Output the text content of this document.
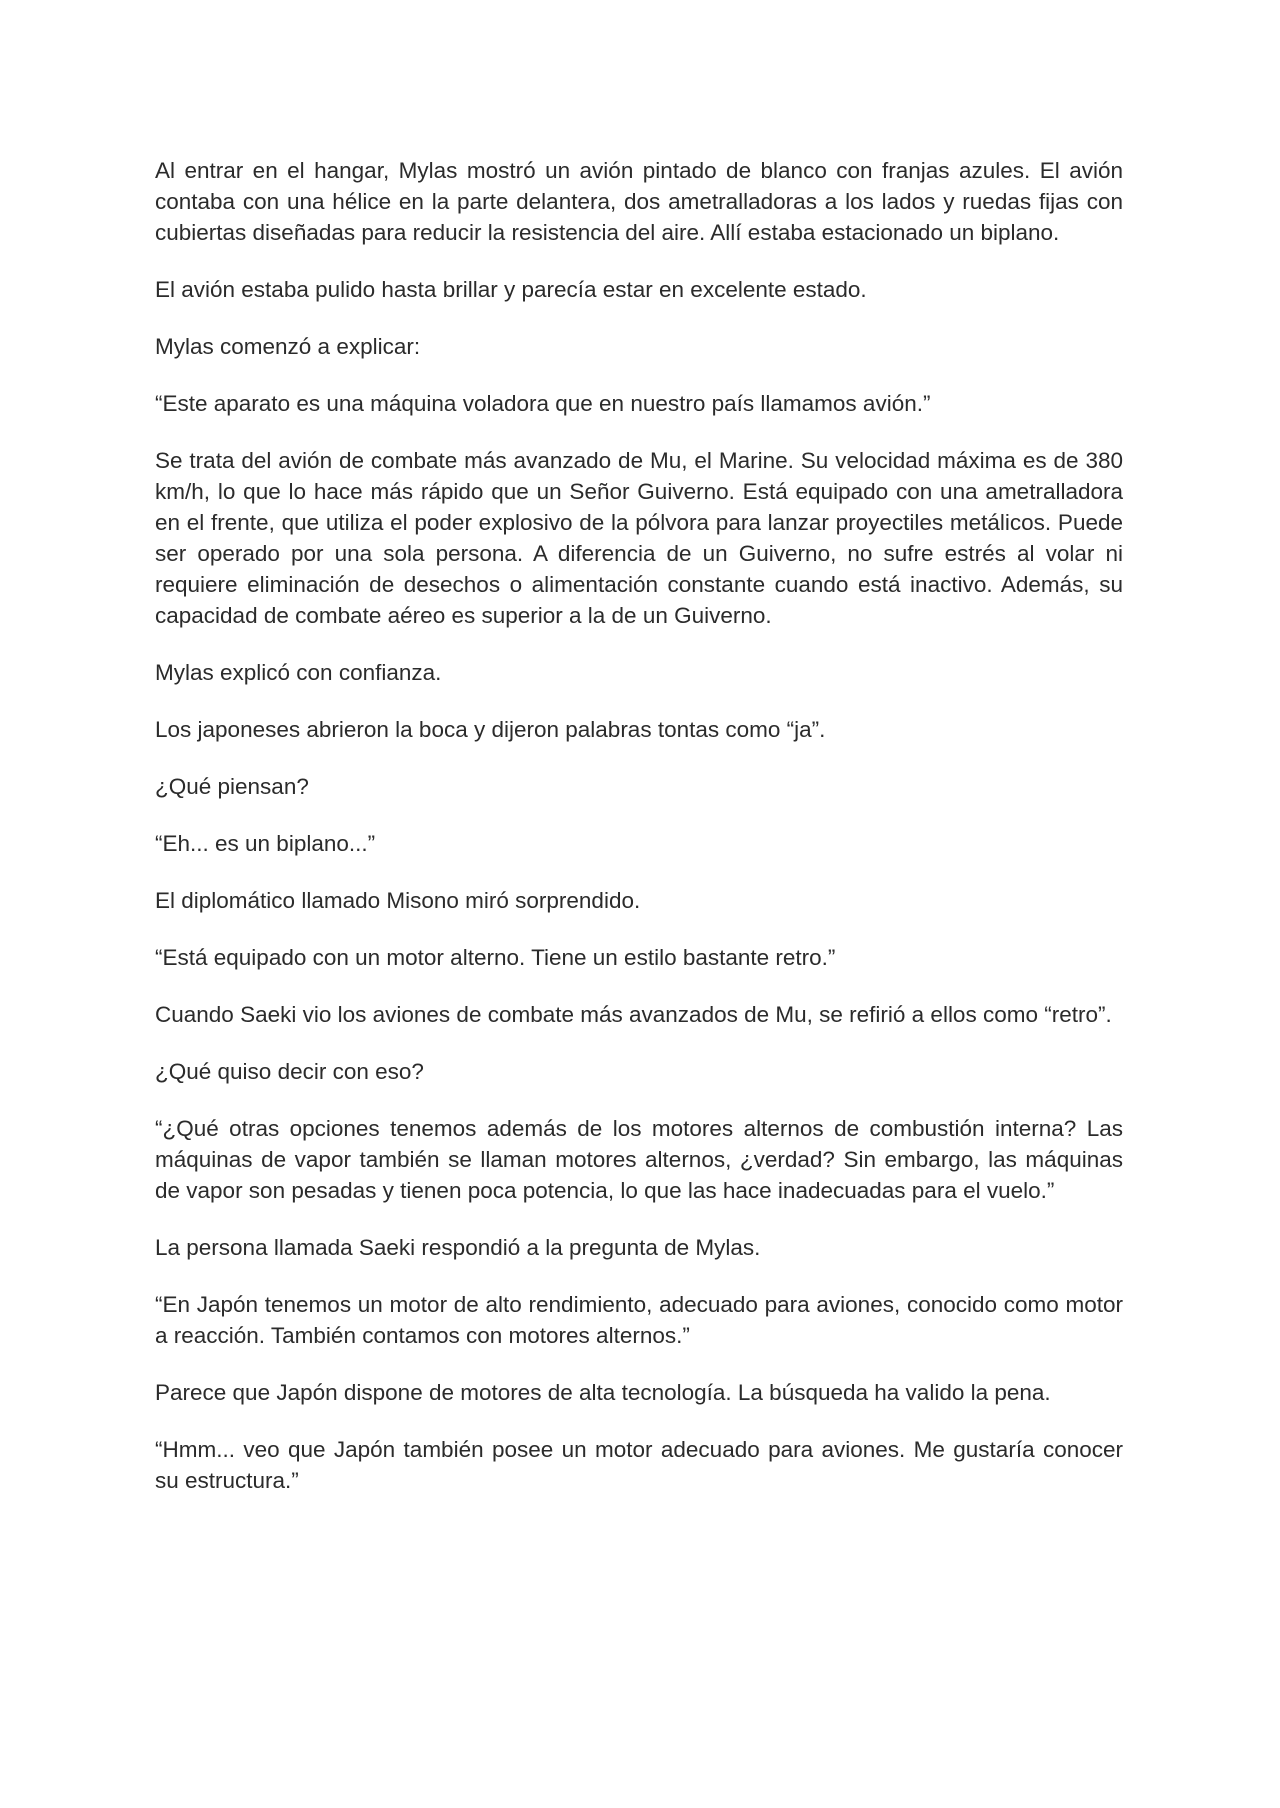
Al entrar en el hangar, Mylas mostró un avión pintado de blanco con franjas azules. El avión contaba con una hélice en la parte delantera, dos ametralladoras a los lados y ruedas fijas con cubiertas diseñadas para reducir la resistencia del aire. Allí estaba estacionado un biplano.

El avión estaba pulido hasta brillar y parecía estar en excelente estado.

Mylas comenzó a explicar:

“Este aparato es una máquina voladora que en nuestro país llamamos avión.”

Se trata del avión de combate más avanzado de Mu, el Marine. Su velocidad máxima es de 380 km/h, lo que lo hace más rápido que un Señor Guiverno. Está equipado con una ametralladora en el frente, que utiliza el poder explosivo de la pólvora para lanzar proyectiles metálicos. Puede ser operado por una sola persona. A diferencia de un Guiverno, no sufre estrés al volar ni requiere eliminación de desechos o alimentación constante cuando está inactivo. Además, su capacidad de combate aéreo es superior a la de un Guiverno.

Mylas explicó con confianza.

Los japoneses abrieron la boca y dijeron palabras tontas como “ja”.

¿Qué piensan?

“Eh... es un biplano...”

El diplomático llamado Misono miró sorprendido.

“Está equipado con un motor alterno. Tiene un estilo bastante retro.”

Cuando Saeki vio los aviones de combate más avanzados de Mu, se refirió a ellos como “retro”.

¿Qué quiso decir con eso?

“¿Qué otras opciones tenemos además de los motores alternos de combustión interna? Las máquinas de vapor también se llaman motores alternos, ¿verdad? Sin embargo, las máquinas de vapor son pesadas y tienen poca potencia, lo que las hace inadecuadas para el vuelo.”

La persona llamada Saeki respondió a la pregunta de Mylas.

“En Japón tenemos un motor de alto rendimiento, adecuado para aviones, conocido como motor a reacción. También contamos con motores alternos.”

Parece que Japón dispone de motores de alta tecnología. La búsqueda ha valido la pena.

“Hmm... veo que Japón también posee un motor adecuado para aviones. Me gustaría conocer su estructura.”
